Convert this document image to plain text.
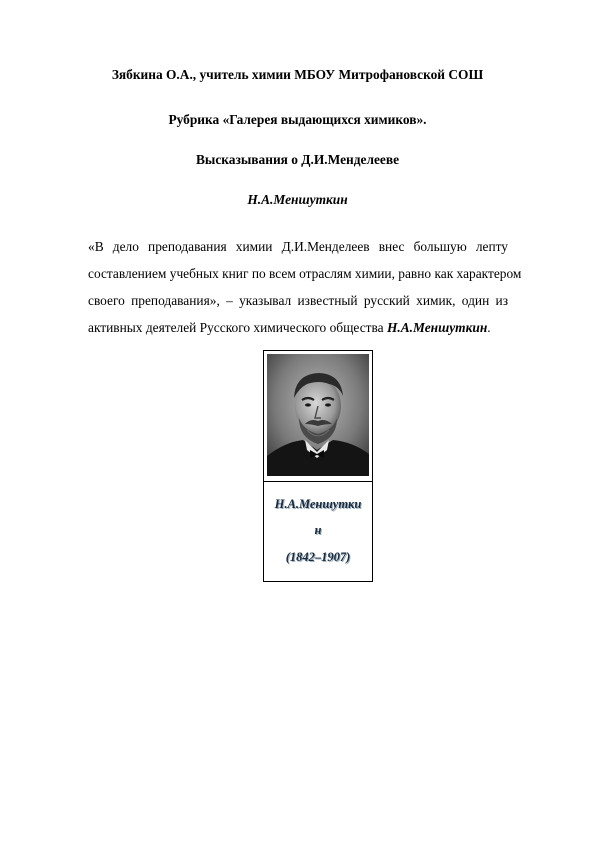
Зябкина О.А., учитель химии МБОУ Митрофановской СОШ
Рубрика «Галерея выдающихся химиков».
Высказывания о Д.И.Менделееве
Н.А.Меншуткин
«В дело преподавания химии Д.И.Менделеев внес большую лепту
составлением учебных книг по всем отраслям химии, равно как характером
своего преподавания», – указывал известный русский химик, один из
активных деятелей Русского химического общества Н.А.Меншуткин.
Н.А.Меншутки
н
(1842–1907)
